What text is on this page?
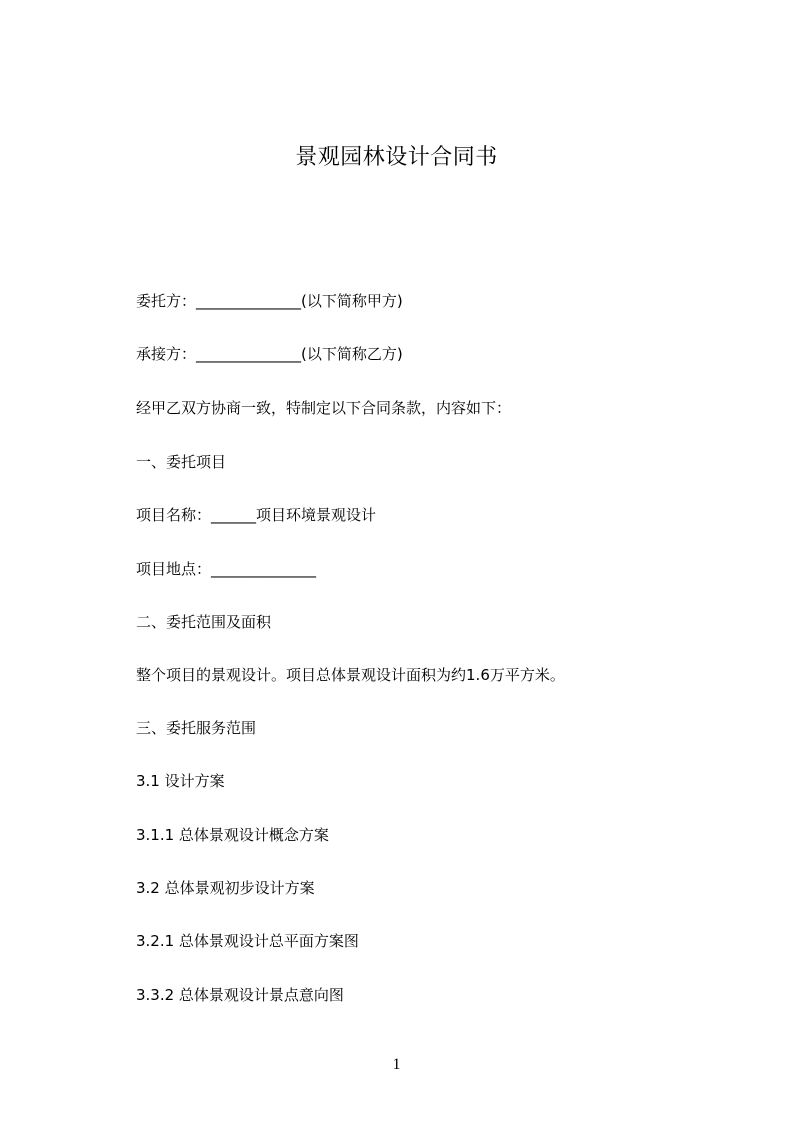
景观园林设计合同书
委托方：______________(以下简称甲方)
承接方：______________(以下简称乙方)
经甲乙双方协商一致，特制定以下合同条款，内容如下：
一、委托项目
项目名称：______项目环境景观设计
项目地点：______________
二、委托范围及面积
整个项目的景观设计。项目总体景观设计面积为约1.6万平方米。
三、委托服务范围
3.1 设计方案
3.1.1 总体景观设计概念方案
3.2 总体景观初步设计方案
3.2.1 总体景观设计总平面方案图
3.3.2 总体景观设计景点意向图
1
